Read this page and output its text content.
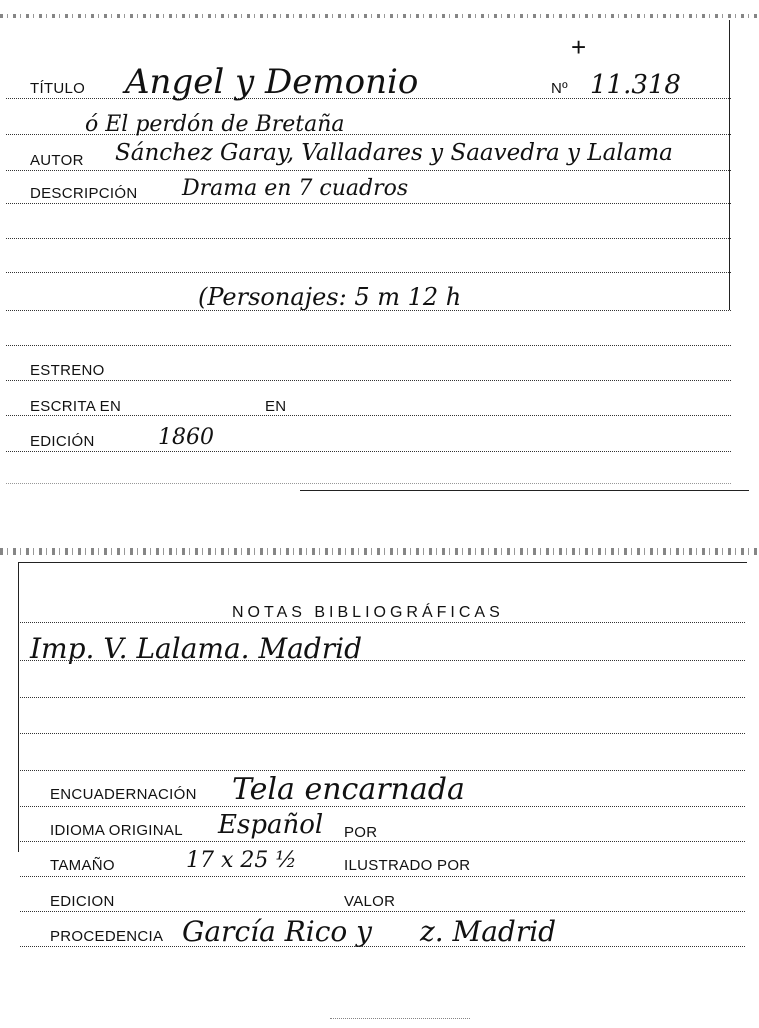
+
TÍTULO Angel y Demonio	Nº 11.318
ó El perdón de Bretaña
AUTOR Sánchez Garay, Valladares y Saavedra y Lalama
DESCRIPCIÓN Drama en 7 cuadros
(Personajes: 5 m 12 h
ESTRENO
ESCRITA EN	EN
EDICIÓN	1860
NOTAS BIBLIOGRÁFICAS
Imp. V. Lalama. Madrid
ENCUADERNACIÓN Tela encarnada
IDIOMA ORIGINAL Español POR
TAMAÑO	17 x 25 ½	ILUSTRADO POR
EDICION	VALOR
PROCEDENCIA García Rico y z. Madrid
